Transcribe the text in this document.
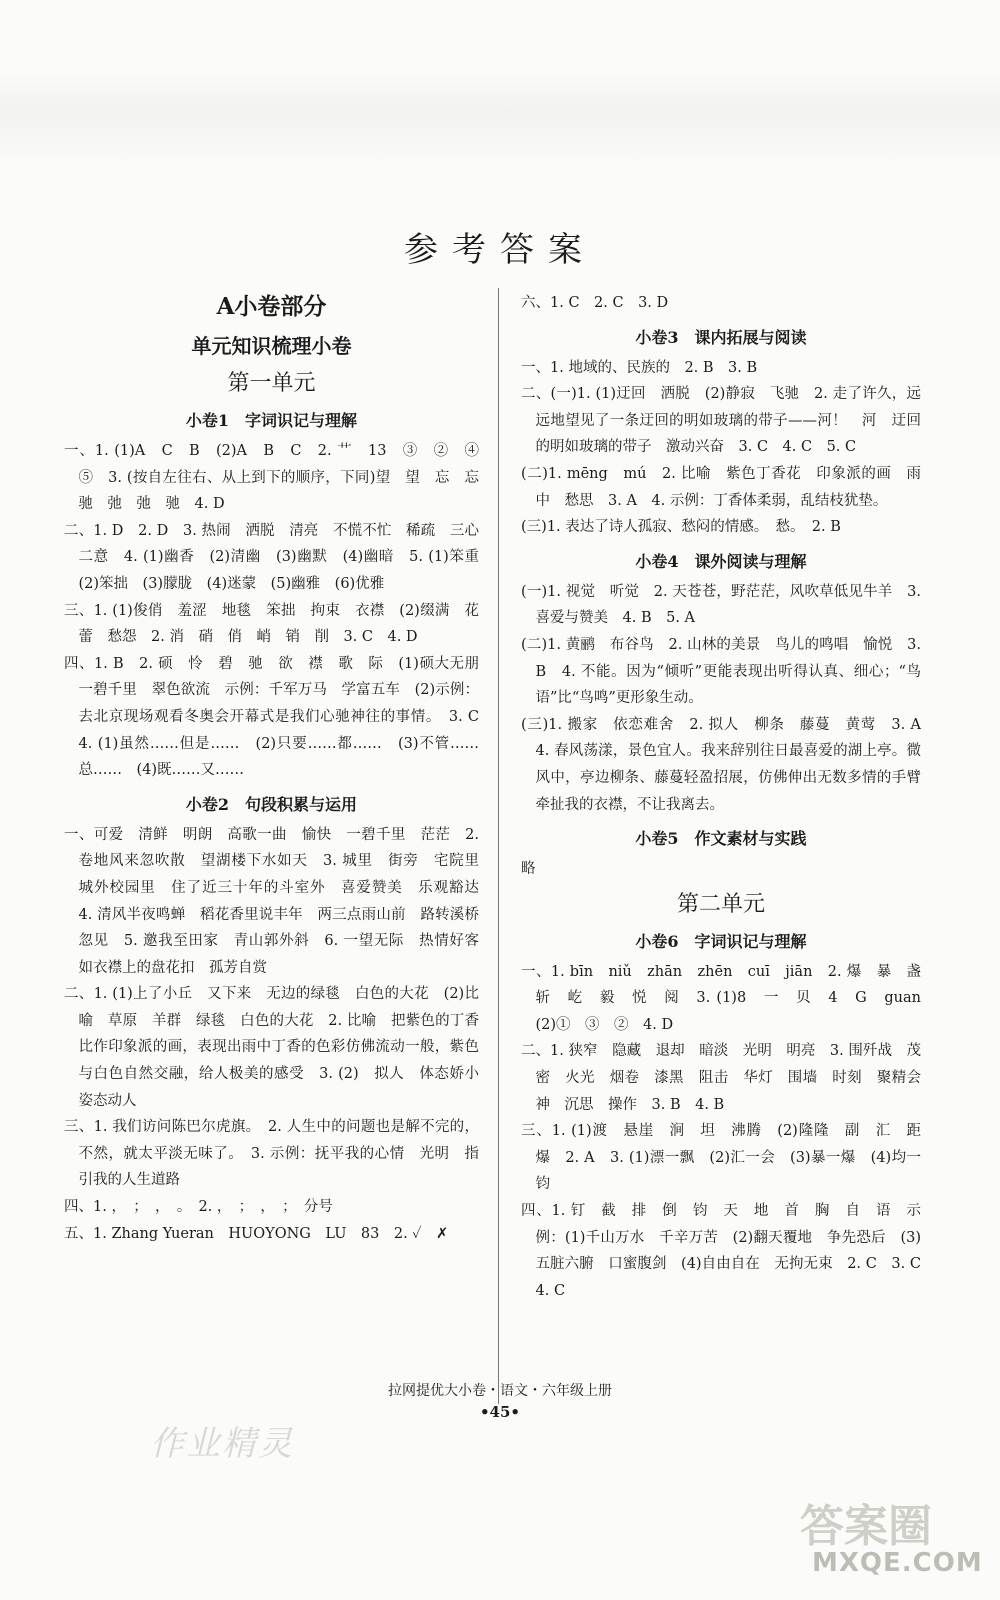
参考答案
A小卷部分
单元知识梳理小卷
第一单元
小卷1　字词识记与理解

一、1. (1)A　C　B　(2)A　B　C　2. 艹　13　③　②　④　⑤　3. (按自左往右、从上到下的顺序，下同)望　望　忘　忘　驰　弛　弛　驰　4. D

二、1. D　2. D　3. 热闹　洒脱　清亮　不慌不忙　稀疏　三心二意　4. (1)幽香　(2)清幽　(3)幽默　(4)幽暗　5. (1)笨重　(2)笨拙　(3)朦胧　(4)迷蒙　(5)幽雅　(6)优雅

三、1. (1)俊俏　羞涩　地毯　笨拙　拘束　衣襟　(2)缀满　花蕾　愁怨　2. 消　硝　俏　峭　销　削　3. C　4. D

四、1. B　2. 硕　怜　碧　驰　欲　襟　歌　际　(1)硕大无朋　一碧千里　翠色欲流　示例：千军万马　学富五车　(2)示例：去北京现场观看冬奥会开幕式是我们心驰神往的事情。　3. C　4. (1)虽然……但是……　(2)只要……都……　(3)不管……总……　(4)既……又……

小卷2　句段积累与运用

一、可爱　清鲜　明朗　高歌一曲　愉快　一碧千里　茫茫　2. 卷地风来忽吹散　望湖楼下水如天　3. 城里　街旁　宅院里　城外校园里　住了近三十年的斗室外　喜爱赞美　乐观豁达　4. 清风半夜鸣蝉　稻花香里说丰年　两三点雨山前　路转溪桥忽见　5. 邀我至田家　青山郭外斜　6. 一望无际　热情好客　如衣襟上的盘花扣　孤芳自赏

二、1. (1)上了小丘　又下来　无边的绿毯　白色的大花　(2)比喻　草原　羊群　绿毯　白色的大花　2. 比喻　把紫色的丁香比作印象派的画，表现出雨中丁香的色彩仿佛流动一般，紫色与白色自然交融，给人极美的感受　3. (2)　拟人　体态娇小　姿态动人

三、1. 我们访问陈巴尔虎旗。　2. 人生中的问题也是解不完的，不然，就太平淡无味了。　3. 示例：抚平我的心情　光明　指引我的人生道路

四、1. ，　；　，　。　2. ，　；　，　；　分号

五、1. Zhang Yueran　HUOYONG　LU　83　2. ✓　✗

六、1. C　2. C　3. D

小卷3　课内拓展与阅读

一、1. 地域的、民族的　2. B　3. B

二、(一)1. (1)迂回　洒脱　(2)静寂　飞驰　2. 走了许久，远远地望见了一条迂回的明如玻璃的带子——河！　河　迂回的明如玻璃的带子　激动兴奋　3. C　4. C　5. C

(二)1. mēng　mú　2. 比喻　紫色丁香花　印象派的画　雨中　愁思　3. A　4. 示例：丁香体柔弱，乱结枝犹垫。

(三)1. 表达了诗人孤寂、愁闷的情感。　愁。　2. B

小卷4　课外阅读与理解

(一)1. 视觉　听觉　2. 天苍苍，野茫茫，风吹草低见牛羊　3. 喜爱与赞美　4. B　5. A

(二)1. 黄鹂　布谷鸟　2. 山林的美景　鸟儿的鸣唱　愉悦　3. B　4. 不能。因为“倾听”更能表现出听得认真、细心；“鸟语”比“鸟鸣”更形象生动。

(三)1. 搬家　依恋难舍　2. 拟人　柳条　藤蔓　黄莺　3. A　4. 春风荡漾，景色宜人。我来辞别往日最喜爱的湖上亭。微风中，亭边柳条、藤蔓轻盈招展，仿佛伸出无数多情的手臂牵扯我的衣襟，不让我离去。

小卷5　作文素材与实践

略

第二单元
小卷6　字词识记与理解

一、1. bīn　niǔ　zhān　zhēn　cuī　jiān　2. 爆　暴　盏　斩　屹　毅　悦　阅　3. (1)8　一　贝　4　G　guan　(2)①　③　②　4. D

二、1. 狭窄　隐藏　退却　暗淡　光明　明亮　3. 围歼战　茂密　火光　烟卷　漆黑　阻击　华灯　围墙　时刻　聚精会神　沉思　操作　3. B　4. B

三、1. (1)渡　悬崖　涧　坦　沸腾　(2)隆隆　副　汇　距　爆　2. A　3. (1)漂一飘　(2)汇一会　(3)暴一爆　(4)均一钧

四、1. 钉　截　排　倒　钧　天　地　首　胸　自　语　示例：(1)千山万水　千辛万苦　(2)翻天覆地　争先恐后　(3)五脏六腑　口蜜腹剑　(4)自由自在　无拘无束　2. C　3. C　4. C

拉网提优大小卷・语文・六年级上册
•45•
作业精灵
答案圈
MXQE.COM
